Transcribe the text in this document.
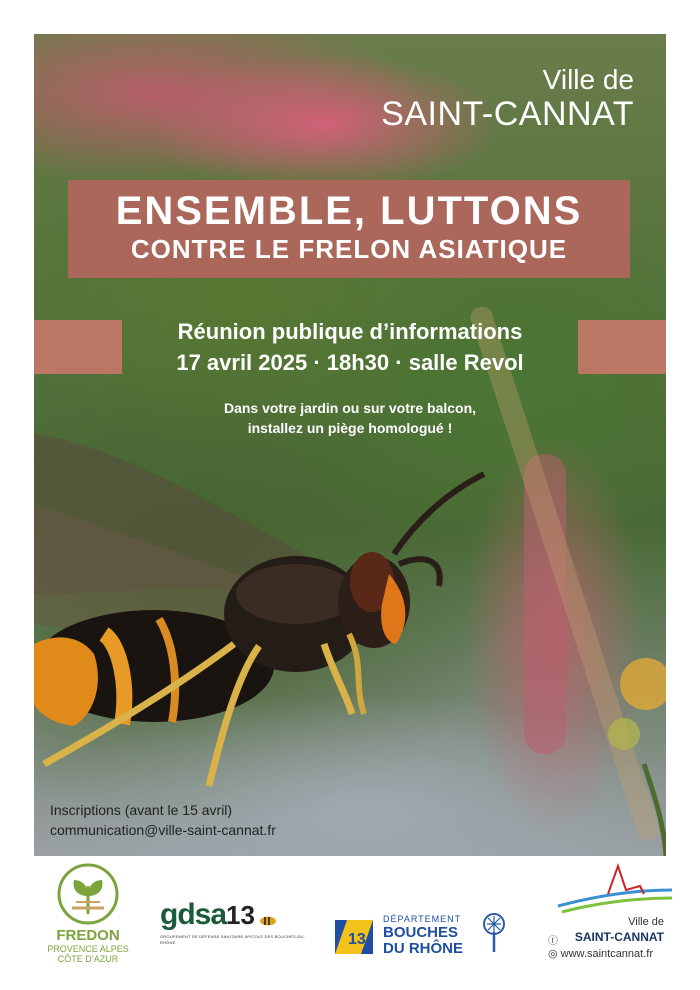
Ville de
SAINT-CANNAT
ENSEMBLE, LUTTONS
CONTRE LE FRELON ASIATIQUE
Réunion publique d’informations
17 avril 2025 · 18h30 · salle Revol
Dans votre jardin ou sur votre balcon,
installez un piège homologué !
Inscriptions (avant le 15 avril)
communication@ville-saint-cannat.fr
FREDON
PROVENCE ALPES
CÔTE D’AZUR
gdsa13
GROUPEMENT DE DÉFENSE SANITAIRE APICOLE DES BOUCHES-DU-RHÔNE	13
DÉPARTEMENT
BOUCHES
DU RHÔNE
Ville de
ⓕ SAINT-CANNAT
◎ www.saintcannat.fr
